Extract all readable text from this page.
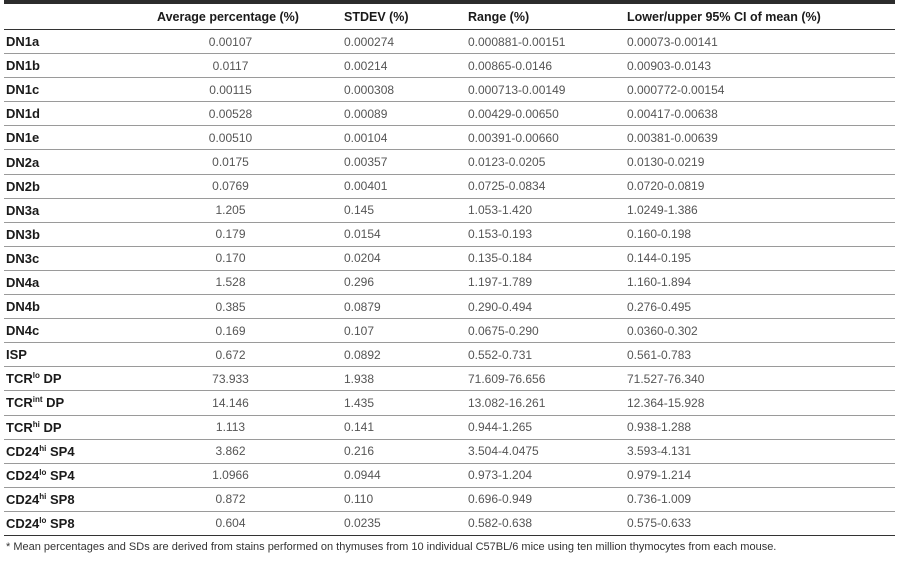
	Average percentage (%)	STDEV (%)	Range (%)	Lower/upper 95% CI of mean (%)
DN1a	0.00107	0.000274	0.000881-0.00151	0.00073-0.00141
DN1b	0.0117	0.00214	0.00865-0.0146	0.00903-0.0143
DN1c	0.00115	0.000308	0.000713-0.00149	0.000772-0.00154
DN1d	0.00528	0.00089	0.00429-0.00650	0.00417-0.00638
DN1e	0.00510	0.00104	0.00391-0.00660	0.00381-0.00639
DN2a	0.0175	0.00357	0.0123-0.0205	0.0130-0.0219
DN2b	0.0769	0.00401	0.0725-0.0834	0.0720-0.0819
DN3a	1.205	0.145	1.053-1.420	1.0249-1.386
DN3b	0.179	0.0154	0.153-0.193	0.160-0.198
DN3c	0.170	0.0204	0.135-0.184	0.144-0.195
DN4a	1.528	0.296	1.197-1.789	1.160-1.894
DN4b	0.385	0.0879	0.290-0.494	0.276-0.495
DN4c	0.169	0.107	0.0675-0.290	0.0360-0.302
ISP	0.672	0.0892	0.552-0.731	0.561-0.783
$TCR^{lo}$ DP	73.933	1.938	71.609-76.656	71.527-76.340
$TCR^{int}$ DP	14.146	1.435	13.082-16.261	12.364-15.928
$TCR^{hi}$ DP	1.113	0.141	0.944-1.265	0.938-1.288
$CD24^{hi}$ SP4	3.862	0.216	3.504-4.0475	3.593-4.131
$CD24^{lo}$ SP4	1.0966	0.0944	0.973-1.204	0.979-1.214
$CD24^{hi}$ SP8	0.872	0.110	0.696-0.949	0.736-1.009
$CD24^{lo}$ SP8	0.604	0.0235	0.582-0.638	0.575-0.633
* Mean percentages and SDs are derived from stains performed on thymuses from 10 individual C57BL/6 mice using ten million thymocytes from each mouse.
